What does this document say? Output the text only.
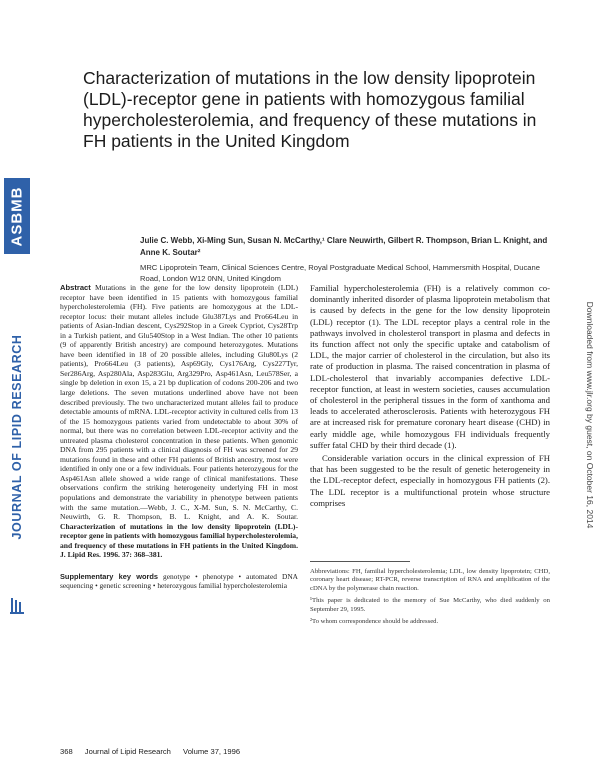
ASBMB
JOURNAL OF LIPID RESEARCH	Downloaded from www.jlr.org by guest, on October 16, 2014
Characterization of mutations in the low density lipoprotein (LDL)-receptor gene in patients with homozygous familial hypercholesterolemia, and frequency of these mutations in FH patients in the United Kingdom

Julie C. Webb, Xi-Ming Sun, Susan N. McCarthy,¹ Clare Neuwirth, Gilbert R. Thompson, Brian L. Knight, and Anne K. Soutar²

MRC Lipoprotein Team, Clinical Sciences Centre, Royal Postgraduate Medical School, Hammersmith Hospital, Ducane Road, London W12 0NN, United Kingdom

Abstract Mutations in the gene for the low density lipoprotein (LDL) receptor have been identified in 15 patients with homozygous familial hypercholesterolemia (FH). Five patients are homozygous at the LDL-receptor locus: their mutant alleles include Glu387Lys and Pro664Leu in patients of Asian-Indian descent, Cys292Stop in a Greek Cypriot, Cys28Trp in a Turkish patient, and Glu540Stop in a West Indian. The other 10 patients (9 of apparently British ancestry) are compound heterozygotes. Mutations have been identified in 18 of 20 possible alleles, including Glu80Lys (2 patients), Pro664Leu (3 patients), Asp69Gly, Cys176Arg, Cys227Tyr, Ser286Arg, Asp280Ala, Asp283Glu, Arg329Pro, Asp461Asn, Leu578Ser, a single bp deletion in exon 15, a 21 bp duplication of codons 200-206 and two large deletions. The seven mutations underlined above have not been described previously. The two uncharacterized mutant alleles fail to produce detectable amounts of mRNA. LDL-receptor activity in cultured cells from 13 of the 15 homozygous patients varied from undetectable to about 30% of normal, but there was no correlation between LDL-receptor activity and the untreated plasma cholesterol concentration in these patients. When genomic DNA from 295 patients with a clinical diagnosis of FH was screened for 29 mutations found in these and other FH patients of British ancestry, most were identified in only one or a few individuals. Four patients heterozygous for the Asp461Asn allele showed a wide range of clinical manifestations. These observations confirm the striking heterogeneity underlying FH in most populations and demonstrate the variability in phenotype between patients with the same mutation.—Webb, J. C., X-M. Sun, S. N. McCarthy, C. Neuwirth, G. R. Thompson, B. L. Knight, and A. K. Soutar. Characterization of mutations in the low density lipoprotein (LDL)-receptor gene in patients with homozygous familial hypercholesterolemia, and frequency of these mutations in FH patients in the United Kingdom. J. Lipid Res. 1996. 37: 368–381.

Supplementary key words genotype • phenotype • automated DNA sequencing • genetic screening • heterozygous familial hypercholesterolemia

Familial hypercholesterolemia (FH) is a relatively common co-dominantly inherited disorder of plasma lipoprotein metabolism that is caused by defects in the gene for the low density lipoprotein (LDL) receptor (1). The LDL receptor plays a central role in the pathways involved in cholesterol transport in plasma and defects in its function affect not only the specific uptake and catabolism of LDL, the major carrier of cholesterol in the circulation, but also its rate of production in plasma. The raised concentration in plasma of LDL-cholesterol that invariably accompanies defective LDL-receptor function, at least in western societies, causes accumulation of cholesterol in the peripheral tissues in the form of xanthoma and leads to accelerated atherosclerosis. Patients with heterozygous FH are at increased risk for premature coronary heart disease (CHD) in early middle age, while homozygous FH individuals frequently suffer fatal CHD by their third decade (1).

Considerable variation occurs in the clinical expression of FH that has been suggested to be the result of genetic heterogeneity in the LDL-receptor defect, especially in homozygous FH patients (2). The LDL receptor is a multifunctional protein whose structure comprises

Abbreviations: FH, familial hypercholesterolemia; LDL, low density lipoprotein; CHD, coronary heart disease; RT-PCR, reverse transcription of RNA and amplification of the cDNA by the polymerase chain reaction.

¹This paper is dedicated to the memory of Sue McCarthy, who died suddenly on September 29, 1995.

²To whom correspondence should be addressed.

368 Journal of Lipid Research Volume 37, 1996
